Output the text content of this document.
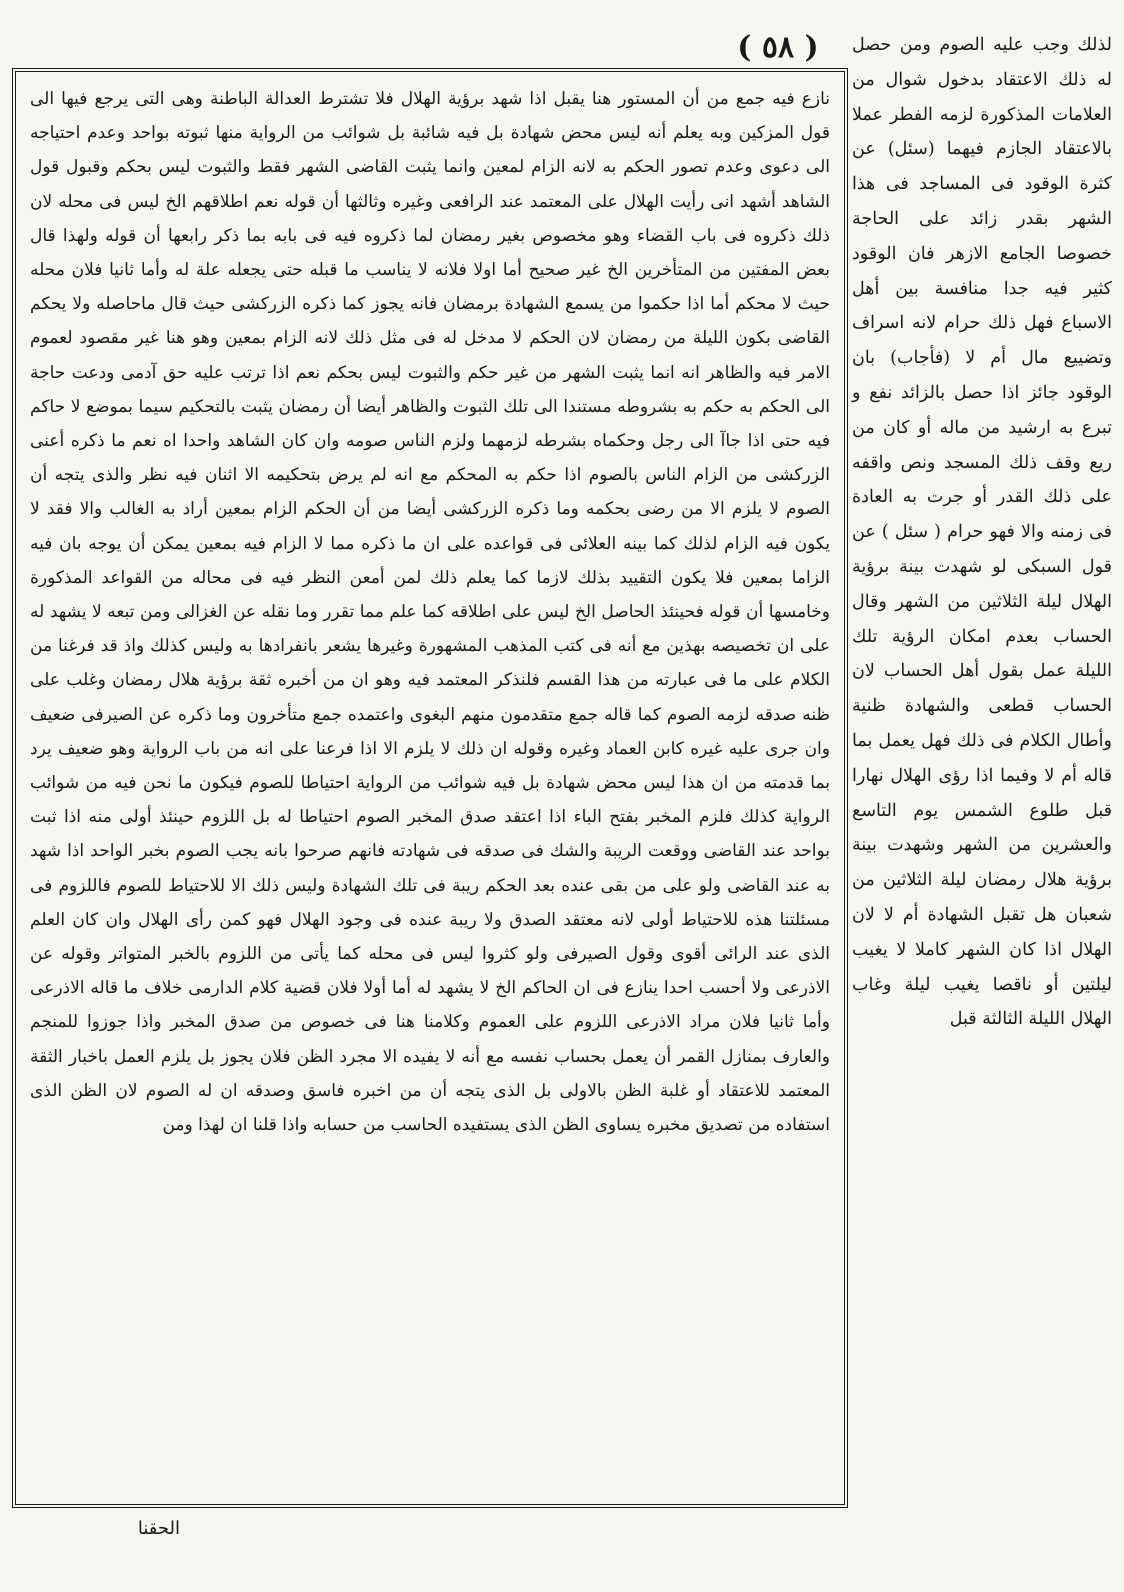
( ٥٨ )	لذلك وجب عليه الصوم ومن حصل له ذلك الاعتقاد بدخول شوال من العلامات المذكورة لزمه الفطر عملا بالاعتقاد الجازم فيهما (سئل) عن كثرة الوقود فى المساجد فى هذا الشهر بقدر زائد على الحاجة خصوصا الجامع الازهر فان الوقود كثير فيه جدا منافسة بين أهل الاسباع فهل ذلك حرام لانه اسراف وتضييع مال أم لا (فأجاب) بان الوقود جائز اذا حصل بالزائد نفع و تبرع به ارشيد من ماله أو كان من ريع وقف ذلك المسجد ونص واقفه على ذلك القدر أو جرت به العادة فى زمنه والا فهو حرام ( سئل ) عن قول السبكى لو شهدت بينة برؤية الهلال ليلة الثلاثين من الشهر وقال الحساب بعدم امكان الرؤية تلك الليلة عمل بقول أهل الحساب لان الحساب قطعى والشهادة ظنية وأطال الكلام فى ذلك فهل يعمل بما قاله أم لا وفيما اذا رؤى الهلال نهارا قبل طلوع الشمس يوم التاسع والعشرين من الشهر وشهدت بينة برؤية هلال رمضان ليلة الثلاثين من شعبان هل تقبل الشهادة أم لا لان الهلال اذا كان الشهر كاملا لا يغيب ليلتين أو ناقصا يغيب ليلة وغاب الهلال الليلة الثالثة قبل

نازع فيه جمع من أن المستور هنا يقبل اذا شهد برؤية الهلال فلا تشترط العدالة الباطنة وهى التى يرجع فيها الى قول المزكين وبه يعلم أنه ليس محض شهادة بل فيه شائبة بل شوائب من الرواية منها ثبوته بواحد وعدم احتياجه الى دعوى وعدم تصور الحكم به لانه الزام لمعين وانما يثبت القاضى الشهر فقط والثبوت ليس بحكم وقبول قول الشاهد أشهد انى رأيت الهلال على المعتمد عند الرافعى وغيره وثالثها أن قوله نعم اطلاقهم الخ ليس فى محله لان ذلك ذكروه فى باب القضاء وهو مخصوص بغير رمضان لما ذكروه فيه فى بابه بما ذكر رابعها أن قوله ولهذا قال بعض المفتين من المتأخرين الخ غير صحيح أما اولا فلانه لا يناسب ما قبله حتى يجعله علة له وأما ثانيا فلان محله حيث لا محكم أما اذا حكموا من يسمع الشهادة برمضان فانه يجوز كما ذكره الزركشى حيث قال ماحاصله ولا يحكم القاضى بكون الليلة من رمضان لان الحكم لا مدخل له فى مثل ذلك لانه الزام بمعين وهو هنا غير مقصود لعموم الامر فيه والظاهر انه انما يثبت الشهر من غير حكم والثبوت ليس بحكم نعم اذا ترتب عليه حق آدمى ودعت حاجة الى الحكم به حكم به بشروطه مستندا الى تلك الثبوت والظاهر أيضا أن رمضان يثبت بالتحكيم سيما بموضع لا حاكم فيه حتى اذا جاآ الى رجل وحكماه بشرطه لزمهما ولزم الناس صومه وان كان الشاهد واحدا اه نعم ما ذكره أعنى الزركشى من الزام الناس بالصوم اذا حكم به المحكم مع انه لم يرض بتحكيمه الا اثنان فيه نظر والذى يتجه أن الصوم لا يلزم الا من رضى بحكمه وما ذكره الزركشى أيضا من أن الحكم الزام بمعين أراد به الغالب والا فقد لا يكون فيه الزام لذلك كما بينه العلائى فى قواعده على ان ما ذكره مما لا الزام فيه بمعين يمكن أن يوجه بان فيه الزاما بمعين فلا يكون التقييد بذلك لازما كما يعلم ذلك لمن أمعن النظر فيه فى محاله من القواعد المذكورة وخامسها أن قوله فحينئذ الحاصل الخ ليس على اطلاقه كما علم مما تقرر وما نقله عن الغزالى ومن تبعه لا يشهد له على ان تخصيصه بهذين مع أنه فى كتب المذهب المشهورة وغيرها يشعر بانفرادها به وليس كذلك واذ قد فرغنا من الكلام على ما فى عبارته من هذا القسم فلنذكر المعتمد فيه وهو ان من أخبره ثقة برؤية هلال رمضان وغلب على ظنه صدقه لزمه الصوم كما قاله جمع متقدمون منهم البغوى واعتمده جمع متأخرون وما ذكره عن الصيرفى ضعيف وان جرى عليه غيره كابن العماد وغيره وقوله ان ذلك لا يلزم الا اذا فرعنا على انه من باب الرواية وهو ضعيف يرد بما قدمته من ان هذا ليس محض شهادة بل فيه شوائب من الرواية احتياطا للصوم فيكون ما نحن فيه من شوائب الرواية كذلك فلزم المخبر بفتح الباء اذا اعتقد صدق المخبر الصوم احتياطا له بل اللزوم حينئذ أولى منه اذا ثبت بواحد عند القاضى ووقعت الريبة والشك فى صدقه فى شهادته فانهم صرحوا بانه يجب الصوم بخبر الواحد اذا شهد به عند القاضى ولو على من بقى عنده بعد الحكم ريبة فى تلك الشهادة وليس ذلك الا للاحتياط للصوم فاللزوم فى مسئلتنا هذه للاحتياط أولى لانه معتقد الصدق ولا ريبة عنده فى وجود الهلال فهو كمن رأى الهلال وان كان العلم الذى عند الرائى أقوى وقول الصيرفى ولو كثروا ليس فى محله كما يأتى من اللزوم بالخبر المتواتر وقوله عن الاذرعى ولا أحسب احدا ينازع فى ان الحاكم الخ لا يشهد له أما أولا فلان قضية كلام الدارمى خلاف ما قاله الاذرعى وأما ثانيا فلان مراد الاذرعى اللزوم على العموم وكلامنا هنا فى خصوص من صدق المخبر واذا جوزوا للمنجم والعارف بمنازل القمر أن يعمل بحساب نفسه مع أنه لا يفيده الا مجرد الظن فلان يجوز بل يلزم العمل باخبار الثقة المعتمد للاعتقاد أو غلبة الظن بالاولى بل الذى يتجه أن من اخبره فاسق وصدقه ان له الصوم لان الظن الذى استفاده من تصديق مخبره يساوى الظن الذى يستفيده الحاسب من حسابه واذا قلنا ان لهذا ومن

الحقنا
